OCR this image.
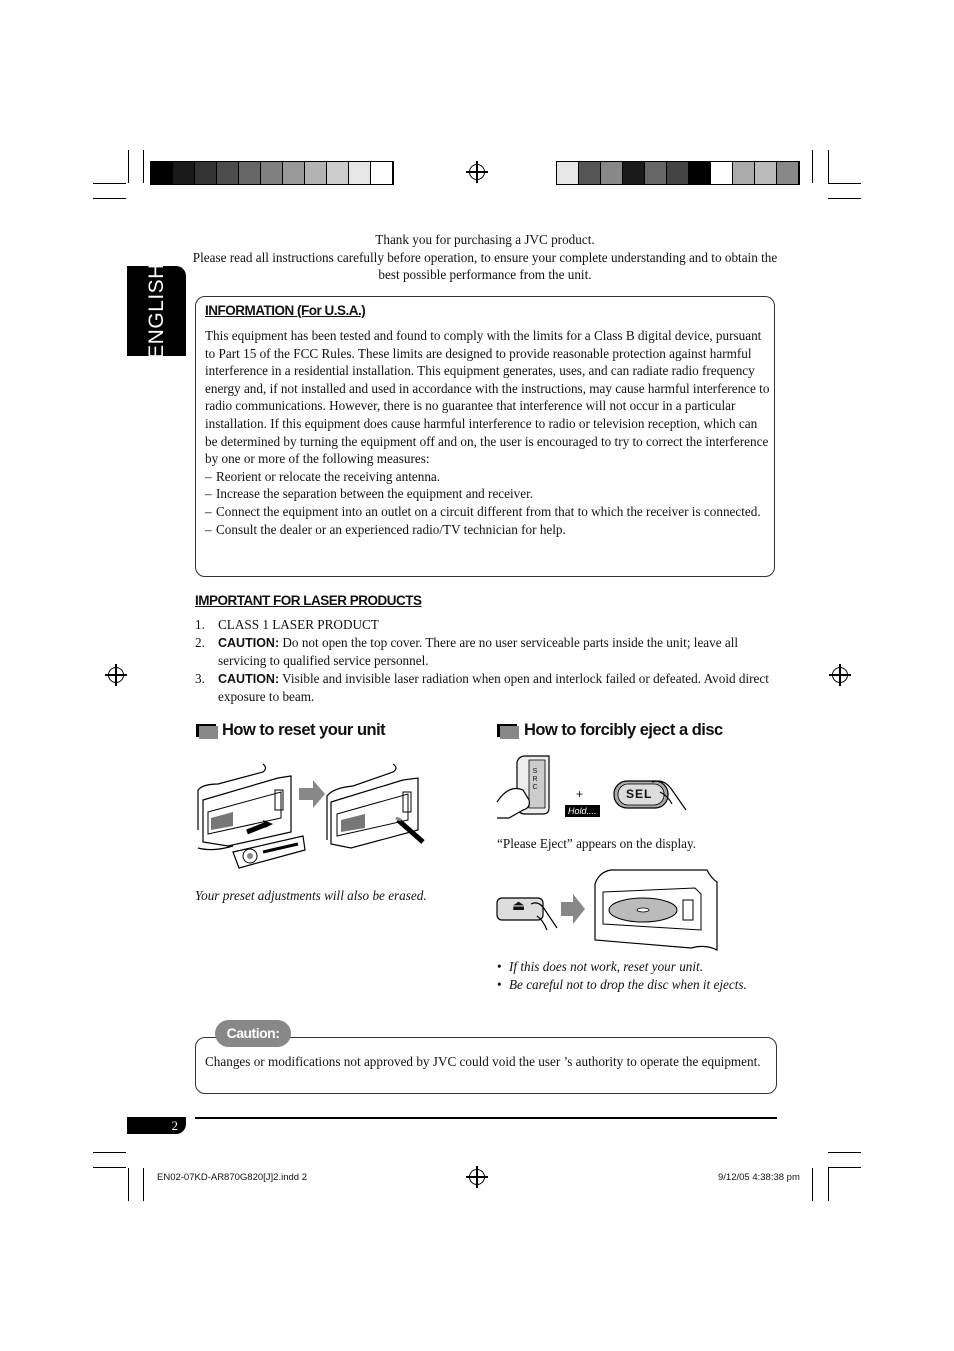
ENGLISH
Thank you for purchasing a JVC product.
Please read all instructions carefully before operation, to ensure your complete understanding and to obtain the best possible performance from the unit.
INFORMATION (For U.S.A.)
This equipment has been tested and found to comply with the limits for a Class B digital device, pursuant to Part 15 of the FCC Rules. These limits are designed to provide reasonable protection against harmful interference in a residential installation. This equipment generates, uses, and can radiate radio frequency energy and, if not installed and used in accordance with the instructions, may cause harmful interference to radio communications. However, there is no guarantee that interference will not occur in a particular installation. If this equipment does cause harmful interference to radio or television reception, which can be determined by turning the equipment off and on, the user is encouraged to try to correct the interference by one or more of the following measures:
– Reorient or relocate the receiving antenna.
– Increase the separation between the equipment and receiver.
– Connect the equipment into an outlet on a circuit different from that to which the receiver is connected.
– Consult the dealer or an experienced radio/TV technician for help.
IMPORTANT FOR LASER PRODUCTS
1. CLASS 1 LASER PRODUCT
2. CAUTION: Do not open the top cover. There are no user serviceable parts inside the unit; leave all servicing to qualified service personnel.
3. CAUTION: Visible and invisible laser radiation when open and interlock failed or defeated. Avoid direct exposure to beam.
How to reset your unit
Your preset adjustments will also be erased.
How to forcibly eject a disc
SRC	+
Hold....
SEL
“Please Eject” appears on the display.
⏏
• If this does not work, reset your unit.
• Be careful not to drop the disc when it ejects.
Caution:
Changes or modifications not approved by JVC could void the user ’s authority to operate the equipment.
2
EN02-07KD-AR870G820[J]2.indd 2	9/12/05 4:38:38 pm
